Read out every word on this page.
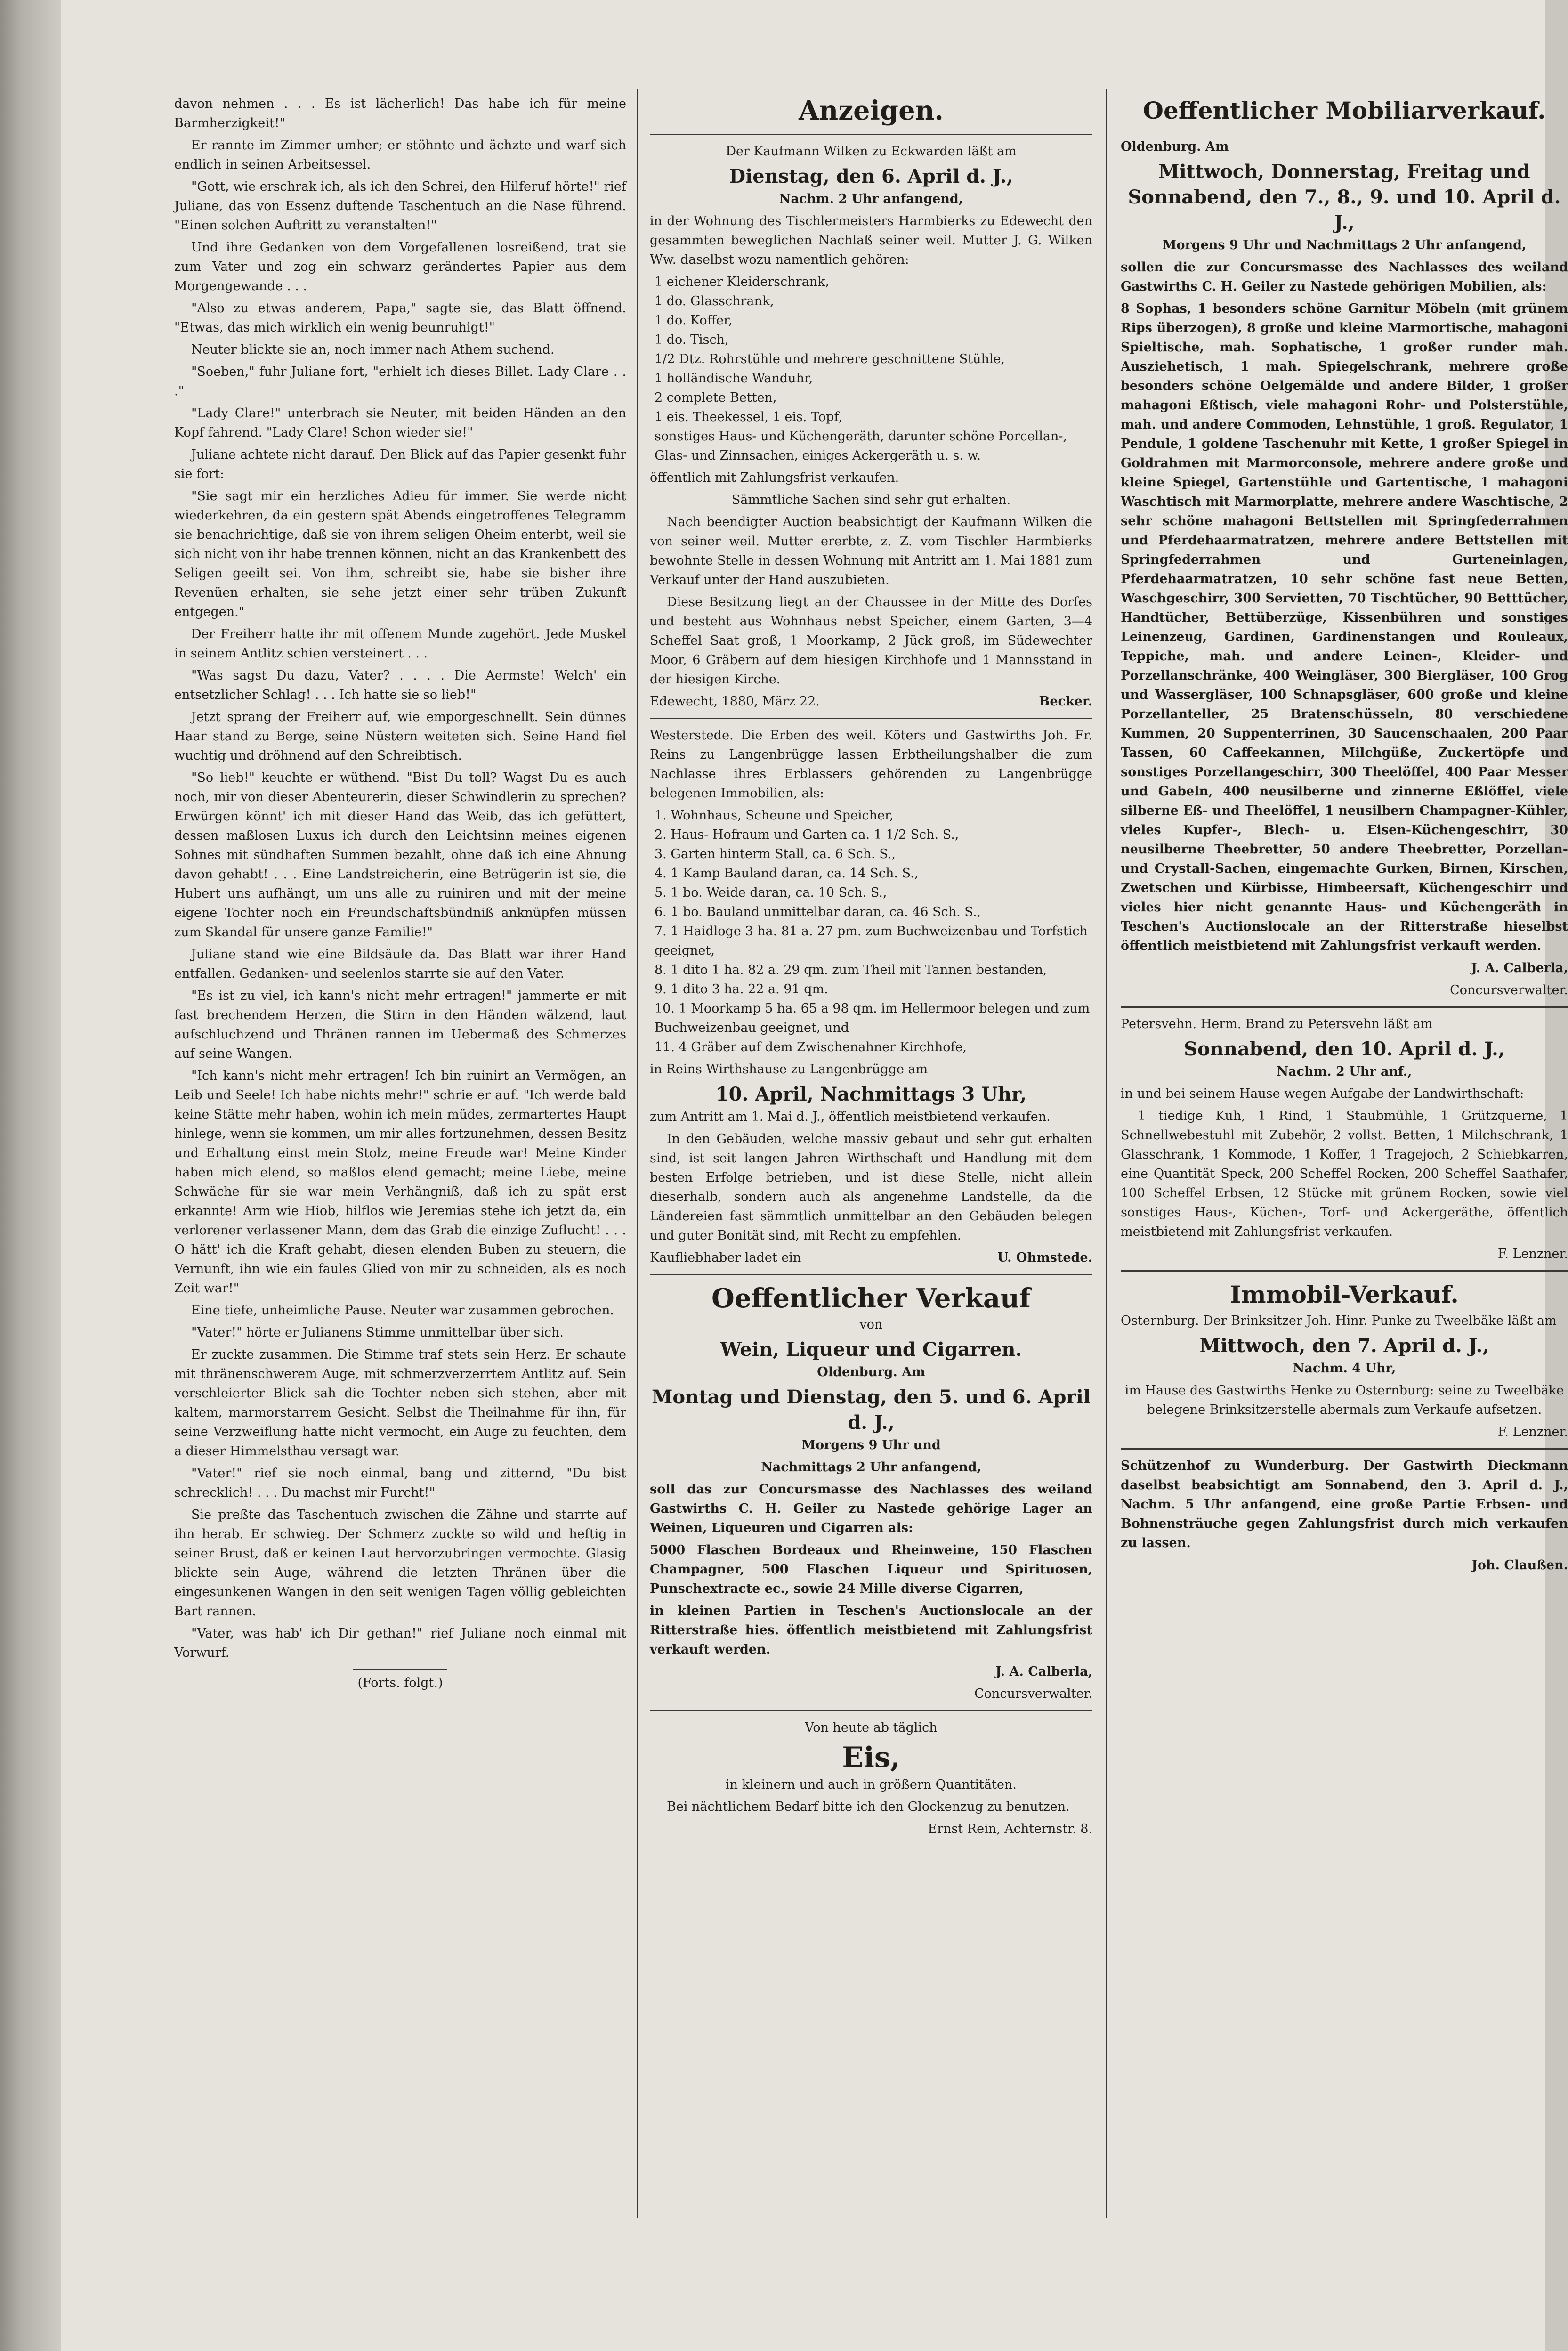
davon nehmen . . . Es ist lächerlich! Das habe ich für meine Barmherzigkeit!"

Er rannte im Zimmer umher; er stöhnte und ächzte und warf sich endlich in seinen Arbeitsessel.

"Gott, wie erschrak ich, als ich den Schrei, den Hilferuf hörte!" rief Juliane, das von Essenz duftende Taschentuch an die Nase führend. "Einen solchen Auftritt zu veranstalten!"

Und ihre Gedanken von dem Vorgefallenen losreißend, trat sie zum Vater und zog ein schwarz gerändertes Papier aus dem Morgengewande . . .

"Also zu etwas anderem, Papa," sagte sie, das Blatt öffnend. "Etwas, das mich wirklich ein wenig beunruhigt!"

Neuter blickte sie an, noch immer nach Athem suchend.

"Soeben," fuhr Juliane fort, "erhielt ich dieses Billet. Lady Clare . . ."

"Lady Clare!" unterbrach sie Neuter, mit beiden Händen an den Kopf fahrend. "Lady Clare! Schon wieder sie!"

Juliane achtete nicht darauf. Den Blick auf das Papier gesenkt fuhr sie fort:

"Sie sagt mir ein herzliches Adieu für immer. Sie werde nicht wiederkehren, da ein gestern spät Abends eingetroffenes Telegramm sie benachrichtige, daß sie von ihrem seligen Oheim enterbt, weil sie sich nicht von ihr habe trennen können, nicht an das Krankenbett des Seligen geeilt sei. Von ihm, schreibt sie, habe sie bisher ihre Revenüen erhalten, sie sehe jetzt einer sehr trüben Zukunft entgegen."

Der Freiherr hatte ihr mit offenem Munde zugehört. Jede Muskel in seinem Antlitz schien versteinert . . .

"Was sagst Du dazu, Vater? . . . . Die Aermste! Welch' ein entsetzlicher Schlag! . . . Ich hatte sie so lieb!"

Jetzt sprang der Freiherr auf, wie emporgeschnellt. Sein dünnes Haar stand zu Berge, seine Nüstern weiteten sich. Seine Hand fiel wuchtig und dröhnend auf den Schreibtisch.

"So lieb!" keuchte er wüthend. "Bist Du toll? Wagst Du es auch noch, mir von dieser Abenteurerin, dieser Schwindlerin zu sprechen? Erwürgen könnt' ich mit dieser Hand das Weib, das ich gefüttert, dessen maßlosen Luxus ich durch den Leichtsinn meines eigenen Sohnes mit sündhaften Summen bezahlt, ohne daß ich eine Ahnung davon gehabt! . . . Eine Landstreicherin, eine Betrügerin ist sie, die Hubert uns aufhängt, um uns alle zu ruiniren und mit der meine eigene Tochter noch ein Freundschaftsbündniß anknüpfen müssen zum Skandal für unsere ganze Familie!"

Juliane stand wie eine Bildsäule da. Das Blatt war ihrer Hand entfallen. Gedanken- und seelenlos starrte sie auf den Vater.

"Es ist zu viel, ich kann's nicht mehr ertragen!" jammerte er mit fast brechendem Herzen, die Stirn in den Händen wälzend, laut aufschluchzend und Thränen rannen im Uebermaß des Schmerzes auf seine Wangen.

"Ich kann's nicht mehr ertragen! Ich bin ruinirt an Vermögen, an Leib und Seele! Ich habe nichts mehr!" schrie er auf. "Ich werde bald keine Stätte mehr haben, wohin ich mein müdes, zermartertes Haupt hinlege, wenn sie kommen, um mir alles fortzunehmen, dessen Besitz und Erhaltung einst mein Stolz, meine Freude war! Meine Kinder haben mich elend, so maßlos elend gemacht; meine Liebe, meine Schwäche für sie war mein Verhängniß, daß ich zu spät erst erkannte! Arm wie Hiob, hilflos wie Jeremias stehe ich jetzt da, ein verlorener verlassener Mann, dem das Grab die einzige Zuflucht! . . . O hätt' ich die Kraft gehabt, diesen elenden Buben zu steuern, die Vernunft, ihn wie ein faules Glied von mir zu schneiden, als es noch Zeit war!"

Eine tiefe, unheimliche Pause. Neuter war zusammen gebrochen.

"Vater!" hörte er Julianens Stimme unmittelbar über sich.

Er zuckte zusammen. Die Stimme traf stets sein Herz. Er schaute mit thränenschwerem Auge, mit schmerzverzerrtem Antlitz auf. Sein verschleierter Blick sah die Tochter neben sich stehen, aber mit kaltem, marmorstarrem Gesicht. Selbst die Theilnahme für ihn, für seine Verzweiflung hatte nicht vermocht, ein Auge zu feuchten, dem a dieser Himmelsthau versagt war.

"Vater!" rief sie noch einmal, bang und zitternd, "Du bist schrecklich! . . . Du machst mir Furcht!"

Sie preßte das Taschentuch zwischen die Zähne und starrte auf ihn herab. Er schwieg. Der Schmerz zuckte so wild und heftig in seiner Brust, daß er keinen Laut hervorzubringen vermochte. Glasig blickte sein Auge, während die letzten Thränen über die eingesunkenen Wangen in den seit wenigen Tagen völlig gebleichten Bart rannen.

"Vater, was hab' ich Dir gethan!" rief Juliane noch einmal mit Vorwurf.

(Forts. folgt.)

Anzeigen.

Der Kaufmann Wilken zu Eckwarden läßt am

Dienstag, den 6. April d. J.,

Nachm. 2 Uhr anfangend,

in der Wohnung des Tischlermeisters Harmbierks zu Edewecht den gesammten beweglichen Nachlaß seiner weil. Mutter J. G. Wilken Ww. daselbst wozu namentlich gehören:

1 eichener Kleiderschrank,
1 do. Glasschrank,
1 do. Koffer,
1 do. Tisch,
1/2 Dtz. Rohrstühle und mehrere geschnittene Stühle,
1 holländische Wanduhr,
2 complete Betten,
1 eis. Theekessel, 1 eis. Topf,
sonstiges Haus- und Küchengeräth, darunter schöne Porcellan-, Glas- und Zinnsachen, einiges Ackergeräth u. s. w.

öffentlich mit Zahlungsfrist verkaufen.

Sämmtliche Sachen sind sehr gut erhalten.

Nach beendigter Auction beabsichtigt der Kaufmann Wilken die von seiner weil. Mutter ererbte, z. Z. vom Tischler Harmbierks bewohnte Stelle in dessen Wohnung mit Antritt am 1. Mai 1881 zum Verkauf unter der Hand auszubieten.

Diese Besitzung liegt an der Chaussee in der Mitte des Dorfes und besteht aus Wohnhaus nebst Speicher, einem Garten, 3—4 Scheffel Saat groß, 1 Moorkamp, 2 Jück groß, im Südewechter Moor, 6 Gräbern auf dem hiesigen Kirchhofe und 1 Mannsstand in der hiesigen Kirche.

Edewecht, 1880, März 22.	Becker.

Westerstede. Die Erben des weil. Köters und Gastwirths Joh. Fr. Reins zu Langenbrügge lassen Erbtheilungshalber die zum Nachlasse ihres Erblassers gehörenden zu Langenbrügge belegenen Immobilien, als:

1. Wohnhaus, Scheune und Speicher,
2. Haus- Hofraum und Garten ca. 1 1/2 Sch. S.,
3. Garten hinterm Stall, ca. 6 Sch. S.,
4. 1 Kamp Bauland daran, ca. 14 Sch. S.,
5. 1 bo. Weide daran, ca. 10 Sch. S.,
6. 1 bo. Bauland unmittelbar daran, ca. 46 Sch. S.,
7. 1 Haidloge 3 ha. 81 a. 27 pm. zum Buchweizenbau und Torfstich geeignet,
8. 1 dito 1 ha. 82 a. 29 qm. zum Theil mit Tannen bestanden,
9. 1 dito 3 ha. 22 a. 91 qm.
10. 1 Moorkamp 5 ha. 65 a 98 qm. im Hellermoor belegen und zum Buchweizenbau geeignet, und
11. 4 Gräber auf dem Zwischenahner Kirchhofe,

in Reins Wirthshause zu Langenbrügge am

10. April, Nachmittags 3 Uhr,

zum Antritt am 1. Mai d. J., öffentlich meistbietend verkaufen.

In den Gebäuden, welche massiv gebaut und sehr gut erhalten sind, ist seit langen Jahren Wirthschaft und Handlung mit dem besten Erfolge betrieben, und ist diese Stelle, nicht allein dieserhalb, sondern auch als angenehme Landstelle, da die Ländereien fast sämmtlich unmittelbar an den Gebäuden belegen und guter Bonität sind, mit Recht zu empfehlen.

Kaufliebhaber ladet ein	U. Ohmstede.

Oeffentlicher Verkauf

von

Wein, Liqueur und Cigarren.

Oldenburg. Am

Montag und Dienstag, den 5. und 6. April d. J.,

Morgens 9 Uhr und

Nachmittags 2 Uhr anfangend,

soll das zur Concursmasse des Nachlasses des weiland Gastwirths C. H. Geiler zu Nastede gehörige Lager an Weinen, Liqueuren und Cigarren als:

5000 Flaschen Bordeaux und Rheinweine, 150 Flaschen Champagner, 500 Flaschen Liqueur und Spirituosen, Punschextracte ec., sowie 24 Mille diverse Cigarren,

in kleinen Partien in Teschen's Auctionslocale an der Ritterstraße hies. öffentlich meistbietend mit Zahlungsfrist verkauft werden.

J. A. Calberla,

Concursverwalter.

Von heute ab täglich

Eis,

in kleinern und auch in größern Quantitäten.

Bei nächtlichem Bedarf bitte ich den Glockenzug zu benutzen.

Ernst Rein, Achternstr. 8.

Oeffentlicher Mobiliarverkauf.

Oldenburg. Am

Mittwoch, Donnerstag, Freitag und Sonnabend, den 7., 8., 9. und 10. April d. J.,

Morgens 9 Uhr und Nachmittags 2 Uhr anfangend,

sollen die zur Concursmasse des Nachlasses des weiland Gastwirths C. H. Geiler zu Nastede gehörigen Mobilien, als:

8 Sophas, 1 besonders schöne Garnitur Möbeln (mit grünem Rips überzogen), 8 große und kleine Marmortische, mahagoni Spieltische, mah. Sophatische, 1 großer runder mah. Ausziehetisch, 1 mah. Spiegelschrank, mehrere große besonders schöne Oelgemälde und andere Bilder, 1 großer mahagoni Eßtisch, viele mahagoni Rohr- und Polsterstühle, mah. und andere Commoden, Lehnstühle, 1 groß. Regulator, 1 Pendule, 1 goldene Taschenuhr mit Kette, 1 großer Spiegel in Goldrahmen mit Marmorconsole, mehrere andere große und kleine Spiegel, Gartenstühle und Gartentische, 1 mahagoni Waschtisch mit Marmorplatte, mehrere andere Waschtische, 2 sehr schöne mahagoni Bettstellen mit Springfederrahmen und Pferdehaarmatratzen, mehrere andere Bettstellen mit Springfederrahmen und Gurteneinlagen, Pferdehaarmatratzen, 10 sehr schöne fast neue Betten, Waschgeschirr, 300 Servietten, 70 Tischtücher, 90 Betttücher, Handtücher, Bettüberzüge, Kissenbühren und sonstiges Leinenzeug, Gardinen, Gardinenstangen und Rouleaux, Teppiche, mah. und andere Leinen-, Kleider- und Porzellanschränke, 400 Weingläser, 300 Biergläser, 100 Grog und Wassergläser, 100 Schnapsgläser, 600 große und kleine Porzellanteller, 25 Bratenschüsseln, 80 verschiedene Kummen, 20 Suppenterrinen, 30 Saucenschaalen, 200 Paar Tassen, 60 Caffeekannen, Milchgüße, Zuckertöpfe und sonstiges Porzellangeschirr, 300 Theelöffel, 400 Paar Messer und Gabeln, 400 neusilberne und zinnerne Eßlöffel, viele silberne Eß- und Theelöffel, 1 neusilbern Champagner-Kühler, vieles Kupfer-, Blech- u. Eisen-Küchengeschirr, 30 neusilberne Theebretter, 50 andere Theebretter, Porzellan- und Crystall-Sachen, eingemachte Gurken, Birnen, Kirschen, Zwetschen und Kürbisse, Himbeersaft, Küchengeschirr und vieles hier nicht genannte Haus- und Küchengeräth in Teschen's Auctionslocale an der Ritterstraße hieselbst öffentlich meistbietend mit Zahlungsfrist verkauft werden.

J. A. Calberla,

Concursverwalter.

Petersvehn. Herm. Brand zu Petersvehn läßt am

Sonnabend, den 10. April d. J.,

Nachm. 2 Uhr anf.,

in und bei seinem Hause wegen Aufgabe der Landwirthschaft:

1 tiedige Kuh, 1 Rind, 1 Staubmühle, 1 Grützquerne, 1 Schnellwebestuhl mit Zubehör, 2 vollst. Betten, 1 Milchschrank, 1 Glasschrank, 1 Kommode, 1 Koffer, 1 Tragejoch, 2 Schiebkarren, eine Quantität Speck, 200 Scheffel Rocken, 200 Scheffel Saathafer, 100 Scheffel Erbsen, 12 Stücke mit grünem Rocken, sowie viel sonstiges Haus-, Küchen-, Torf- und Ackergeräthe, öffentlich meistbietend mit Zahlungsfrist verkaufen.

F. Lenzner.

Immobil-Verkauf.

Osternburg. Der Brinksitzer Joh. Hinr. Punke zu Tweelbäke läßt am

Mittwoch, den 7. April d. J.,

Nachm. 4 Uhr,

im Hause des Gastwirths Henke zu Osternburg: seine zu Tweelbäke belegene Brinksitzerstelle abermals zum Verkaufe aufsetzen.

F. Lenzner.

Schützenhof zu Wunderburg. Der Gastwirth Dieckmann daselbst beabsichtigt am Sonnabend, den 3. April d. J., Nachm. 5 Uhr anfangend, eine große Partie Erbsen- und Bohnensträuche gegen Zahlungsfrist durch mich verkaufen zu lassen.

Joh. Claußen.
